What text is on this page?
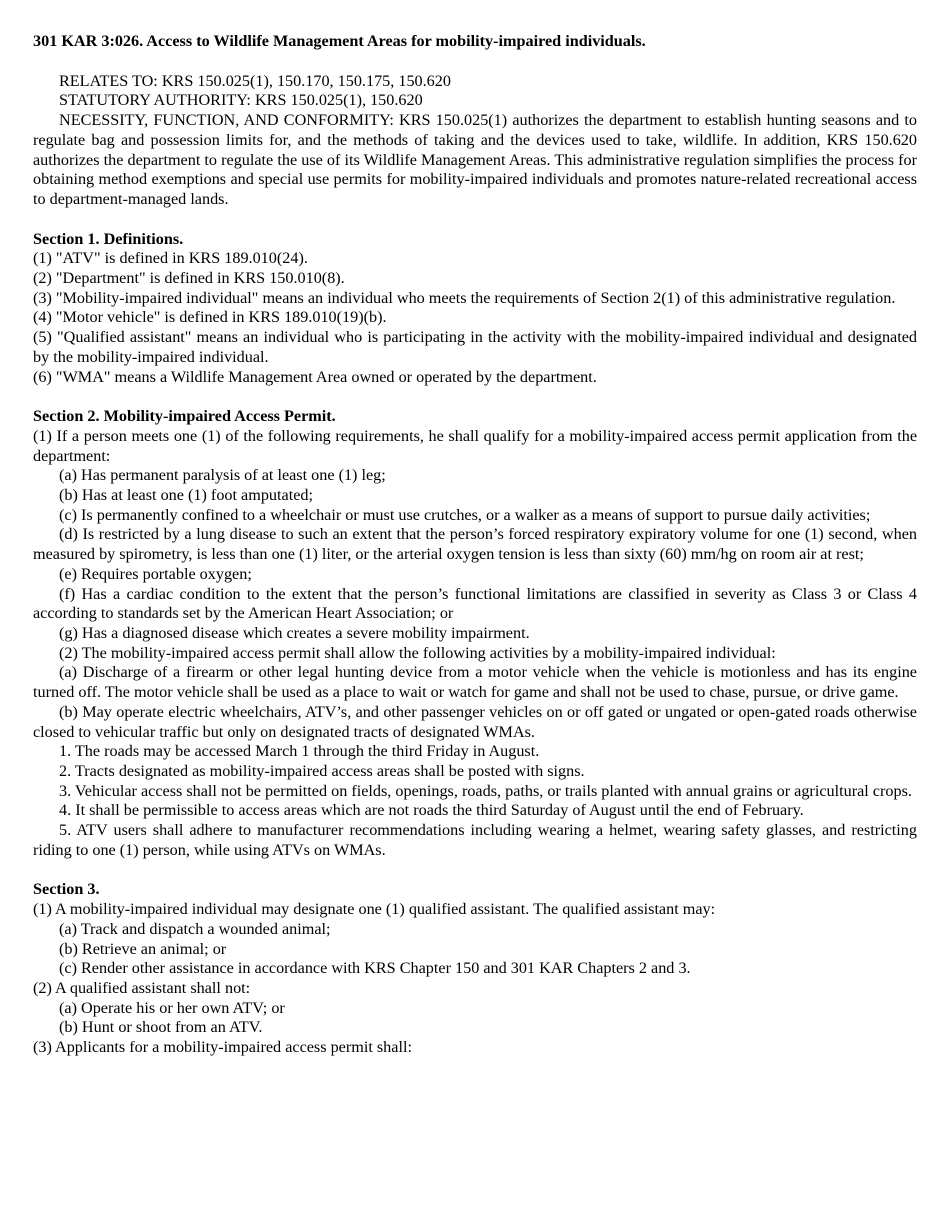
301 KAR 3:026. Access to Wildlife Management Areas for mobility-impaired individuals.

RELATES TO: KRS 150.025(1), 150.170, 150.175, 150.620

STATUTORY AUTHORITY: KRS 150.025(1), 150.620

NECESSITY, FUNCTION, AND CONFORMITY: KRS 150.025(1) authorizes the department to establish hunting seasons and to regulate bag and possession limits for, and the methods of taking and the devices used to take, wildlife. In addition, KRS 150.620 authorizes the department to regulate the use of its Wildlife Management Areas. This administrative regulation simplifies the process for obtaining method exemptions and special use permits for mobility-impaired individuals and promotes nature-related recreational access to department-managed lands.

Section 1. Definitions.

(1) "ATV" is defined in KRS 189.010(24).

(2) "Department" is defined in KRS 150.010(8).

(3) "Mobility-impaired individual" means an individual who meets the requirements of Section 2(1) of this administrative regulation.

(4) "Motor vehicle" is defined in KRS 189.010(19)(b).

(5) "Qualified assistant" means an individual who is participating in the activity with the mobility-impaired individual and designated by the mobility-impaired individual.

(6) "WMA" means a Wildlife Management Area owned or operated by the department.

Section 2. Mobility-impaired Access Permit.

(1) If a person meets one (1) of the following requirements, he shall qualify for a mobility-impaired access permit application from the department:

(a) Has permanent paralysis of at least one (1) leg;

(b) Has at least one (1) foot amputated;

(c) Is permanently confined to a wheelchair or must use crutches, or a walker as a means of support to pursue daily activities;

(d) Is restricted by a lung disease to such an extent that the person’s forced respiratory expiratory volume for one (1) second, when measured by spirometry, is less than one (1) liter, or the arterial oxygen tension is less than sixty (60) mm/hg on room air at rest;

(e) Requires portable oxygen;

(f) Has a cardiac condition to the extent that the person’s functional limitations are classified in severity as Class 3 or Class 4 according to standards set by the American Heart Association; or

(g) Has a diagnosed disease which creates a severe mobility impairment.

(2) The mobility-impaired access permit shall allow the following activities by a mobility-impaired individual:

(a) Discharge of a firearm or other legal hunting device from a motor vehicle when the vehicle is motionless and has its engine turned off. The motor vehicle shall be used as a place to wait or watch for game and shall not be used to chase, pursue, or drive game.

(b) May operate electric wheelchairs, ATV’s, and other passenger vehicles on or off gated or ungated or open-gated roads otherwise closed to vehicular traffic but only on designated tracts of designated WMAs.

1. The roads may be accessed March 1 through the third Friday in August.

2. Tracts designated as mobility-impaired access areas shall be posted with signs.

3. Vehicular access shall not be permitted on fields, openings, roads, paths, or trails planted with annual grains or agricultural crops.

4. It shall be permissible to access areas which are not roads the third Saturday of August until the end of February.

5. ATV users shall adhere to manufacturer recommendations including wearing a helmet, wearing safety glasses, and restricting riding to one (1) person, while using ATVs on WMAs.

Section 3.

(1) A mobility-impaired individual may designate one (1) qualified assistant. The qualified assistant may:

(a) Track and dispatch a wounded animal;

(b) Retrieve an animal; or

(c) Render other assistance in accordance with KRS Chapter 150 and 301 KAR Chapters 2 and 3.

(2) A qualified assistant shall not:

(a) Operate his or her own ATV; or

(b) Hunt or shoot from an ATV.

(3) Applicants for a mobility-impaired access permit shall:
